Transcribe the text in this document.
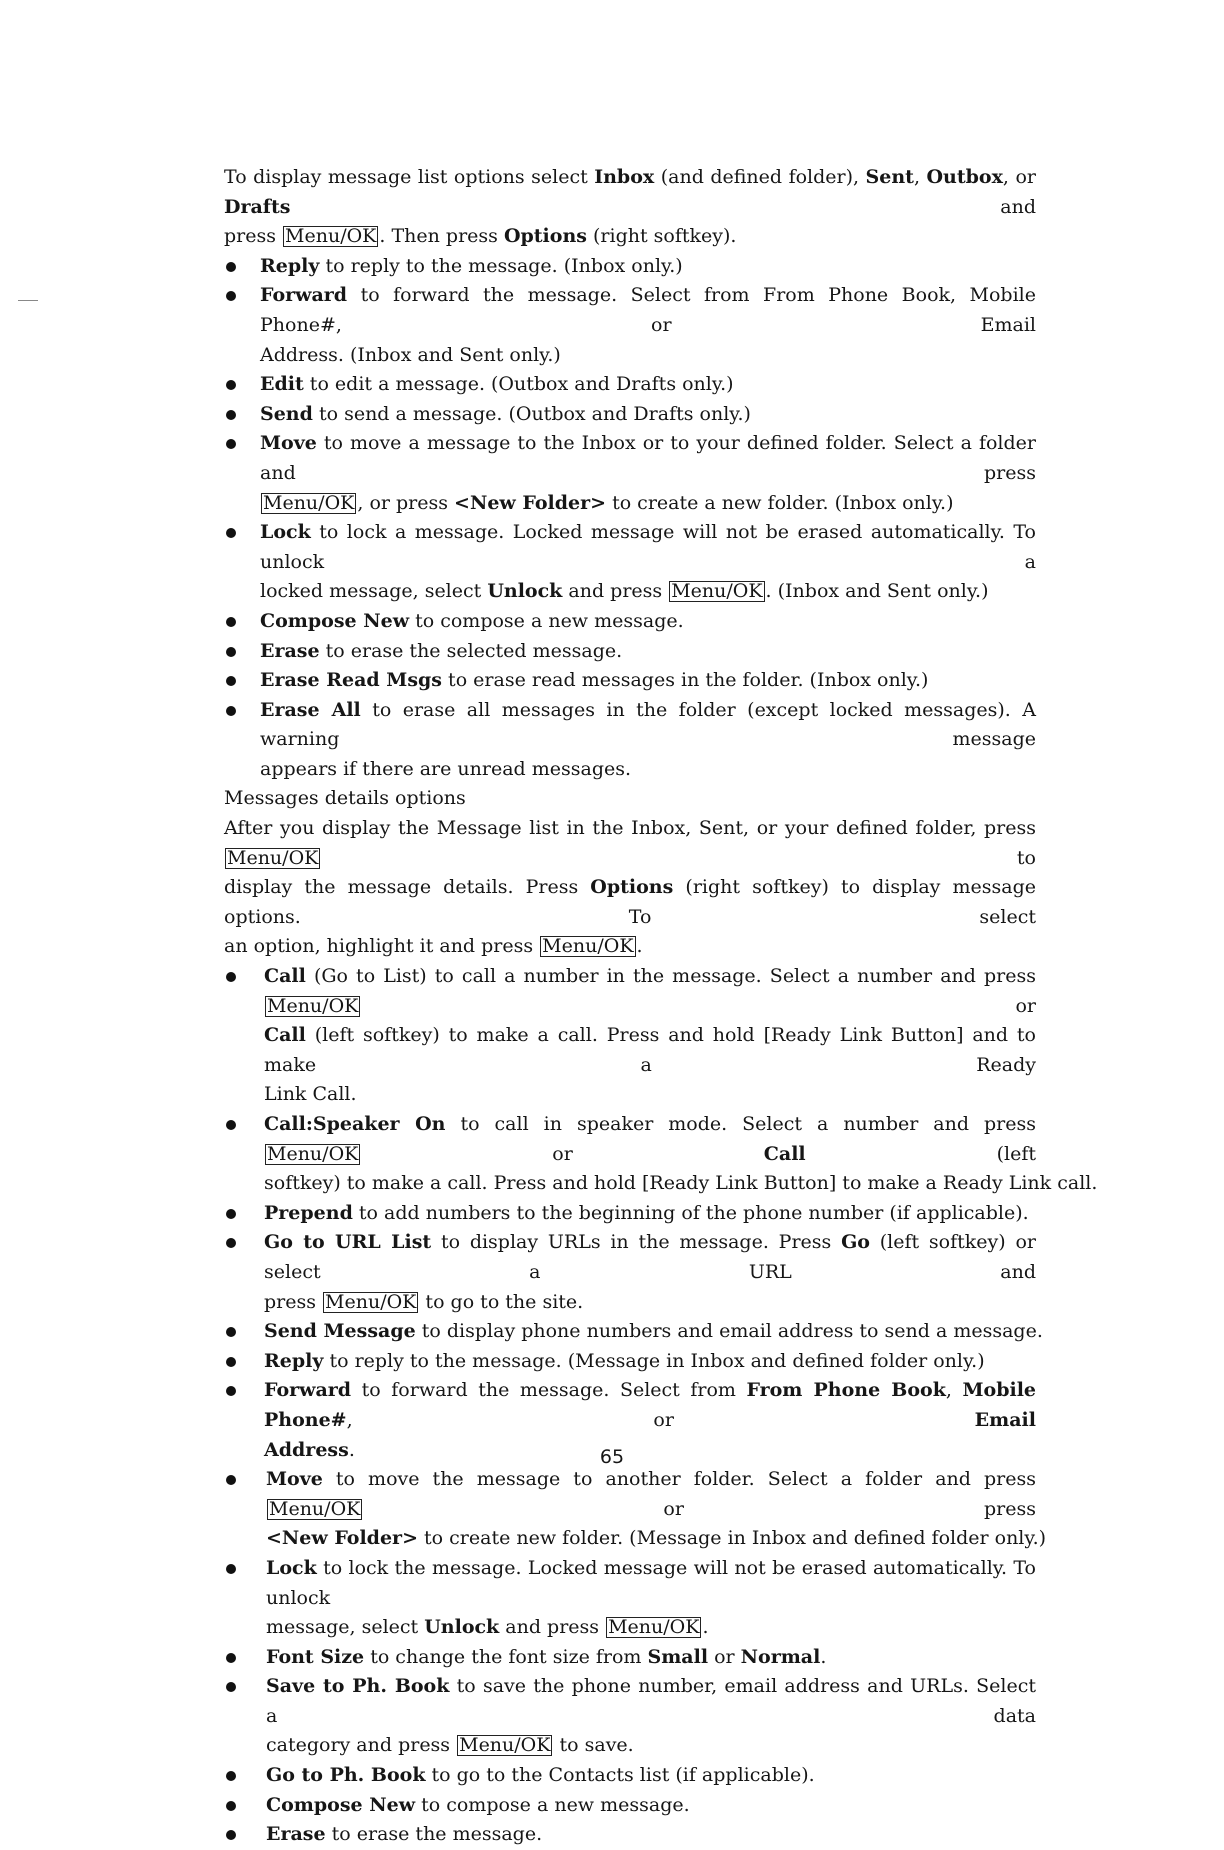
To display message list options select Inbox (and defined folder), Sent, Outbox, or Drafts and
press Menu/OK . Then press Options (right softkey).
Reply to reply to the message. (Inbox only.)
Forward to forward the message. Select from From Phone Book, Mobile Phone#, or Email
Address. (Inbox and Sent only.)
Edit to edit a message. (Outbox and Drafts only.)
Send to send a message. (Outbox and Drafts only.)
Move to move a message to the Inbox or to your defined folder. Select a folder and press
Menu/OK , or press <New Folder> to create a new folder. (Inbox only.)
Lock to lock a message. Locked message will not be erased automatically. To unlock a
locked message, select Unlock and press Menu/OK . (Inbox and Sent only.)
Compose New to compose a new message.
Erase to erase the selected message.
Erase Read Msgs to erase read messages in the folder. (Inbox only.)
Erase All to erase all messages in the folder (except locked messages). A warning message
appears if there are unread messages.
Messages details options
After you display the Message list in the Inbox, Sent, or your defined folder, press Menu/OK to
display the message details. Press Options (right softkey) to display message options. To select
an option, highlight it and press Menu/OK .
Call (Go to List) to call a number in the message. Select a number and press Menu/OK or
Call (left softkey) to make a call. Press and hold [Ready Link Button] and to make a Ready
Link Call.
Call:Speaker On to call in speaker mode. Select a number and press Menu/OK or Call (left
softkey) to make a call. Press and hold [Ready Link Button] to make a Ready Link call.
Prepend to add numbers to the beginning of the phone number (if applicable).
Go to URL List to display URLs in the message. Press Go (left softkey) or select a URL and
press Menu/OK to go to the site.
Send Message to display phone numbers and email address to send a message.
Reply to reply to the message. (Message in Inbox and defined folder only.)
Forward to forward the message. Select from From Phone Book, Mobile Phone#, or Email
Address.
Move to move the message to another folder. Select a folder and press Menu/OK or press
<New Folder> to create new folder. (Message in Inbox and defined folder only.)
Lock to lock the message. Locked message will not be erased automatically. To unlock
message, select Unlock and press Menu/OK .
Font Size to change the font size from Small or Normal.
Save to Ph. Book to save the phone number, email address and URLs. Select a data
category and press Menu/OK to save.
Go to Ph. Book to go to the Contacts list (if applicable).
Compose New to compose a new message.
Erase to erase the message.
65
